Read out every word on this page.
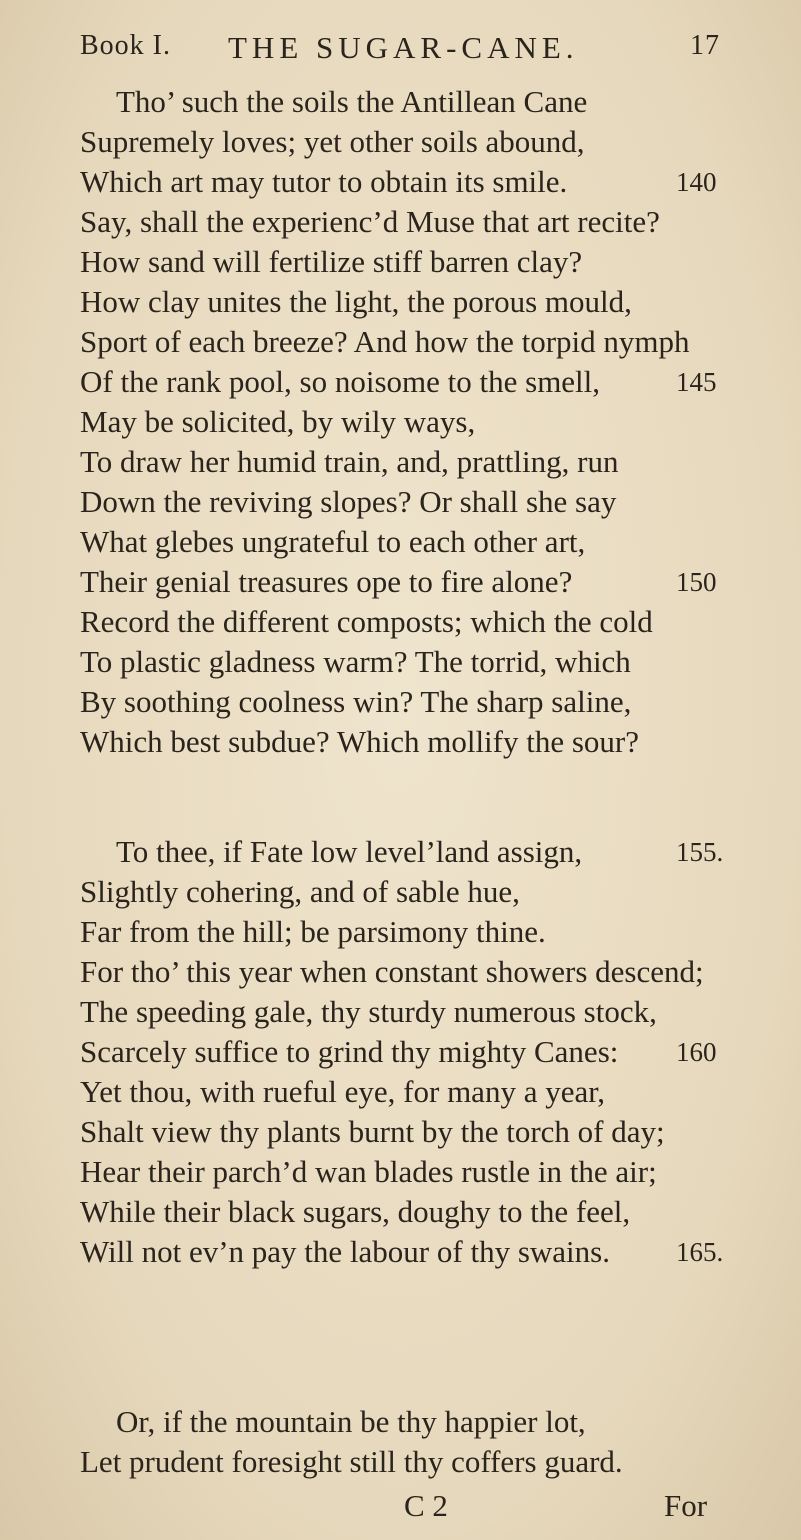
Book I. THE SUGAR-CANE.	17
Tho’ such the soils the Antillean Cane
Supremely loves; yet other soils abound,
Which art may tutor to obtain its smile.	140
Say, shall the experienc’d Muse that art recite?
How sand will fertilize stiff barren clay?
How clay unites the light, the porous mould,
Sport of each breeze? And how the torpid nymph
Of the rank pool, so noisome to the smell,	145
May be solicited, by wily ways,
To draw her humid train, and, prattling, run
Down the reviving slopes? Or shall she say
What glebes ungrateful to each other art,
Their genial treasures ope to fire alone?	150
Record the different composts; which the cold
To plastic gladness warm? The torrid, which
By soothing coolness win? The sharp saline,
Which best subdue? Which mollify the sour?
To thee, if Fate low level’land assign,	155.
Slightly cohering, and of sable hue,
Far from the hill; be parsimony thine.
For tho’ this year when constant showers descend;
The speeding gale, thy sturdy numerous stock,
Scarcely suffice to grind thy mighty Canes: 160
Yet thou, with rueful eye, for many a year,
Shalt view thy plants burnt by the torch of day;
Hear their parch’d wan blades rustle in the air;
While their black sugars, doughy to the feel,
Will not ev’n pay the labour of thy swains. 165.
Or, if the mountain be thy happier lot,
Let prudent foresight still thy coffers guard.
C 2	For
